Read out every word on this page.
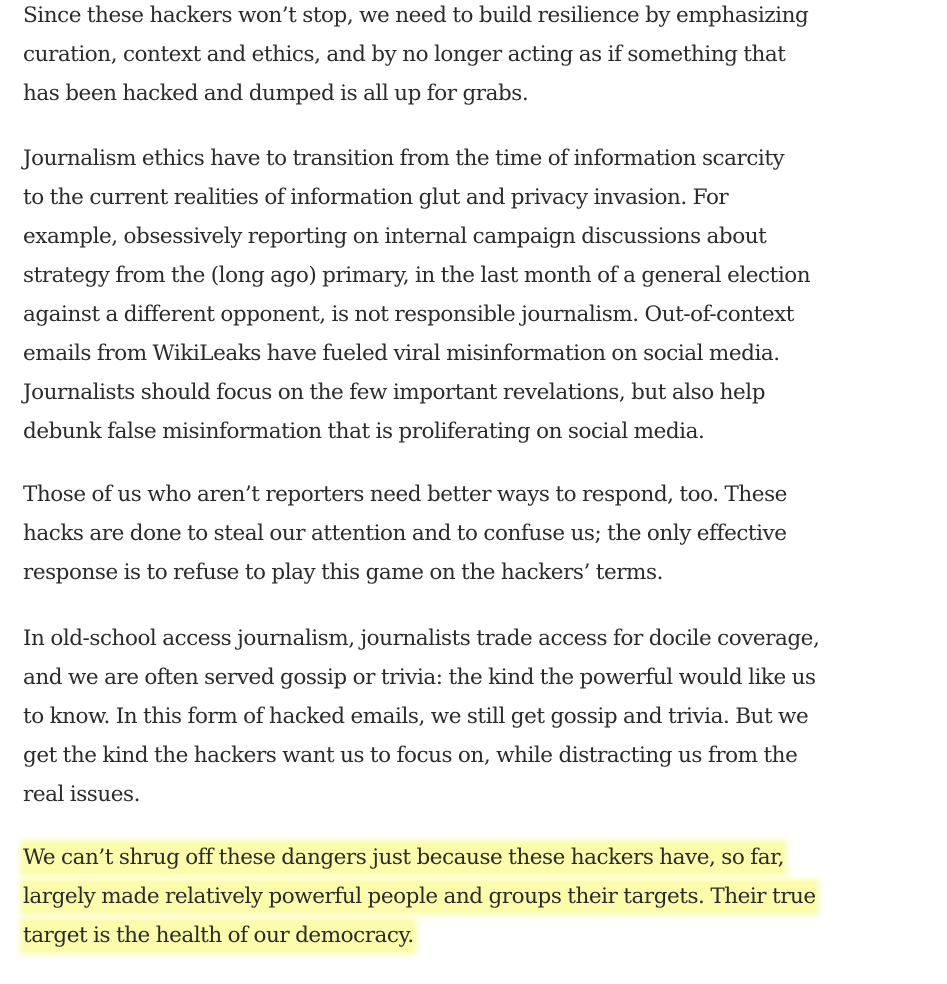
Since these hackers won’t stop, we need to build resilience by emphasizing
curation, context and ethics, and by no longer acting as if something that
has been hacked and dumped is all up for grabs.

Journalism ethics have to transition from the time of information scarcity
to the current realities of information glut and privacy invasion. For
example, obsessively reporting on internal campaign discussions about
strategy from the (long ago) primary, in the last month of a general election
against a different opponent, is not responsible journalism. Out-of-context
emails from WikiLeaks have fueled viral misinformation on social media.
Journalists should focus on the few important revelations, but also help
debunk false misinformation that is proliferating on social media.

Those of us who aren’t reporters need better ways to respond, too. These
hacks are done to steal our attention and to confuse us; the only effective
response is to refuse to play this game on the hackers’ terms.

In old-school access journalism, journalists trade access for docile coverage,
and we are often served gossip or trivia: the kind the powerful would like us
to know. In this form of hacked emails, we still get gossip and trivia. But we
get the kind the hackers want us to focus on, while distracting us from the
real issues.

We can’t shrug off these dangers just because these hackers have, so far,
largely made relatively powerful people and groups their targets. Their true
target is the health of our democracy.
